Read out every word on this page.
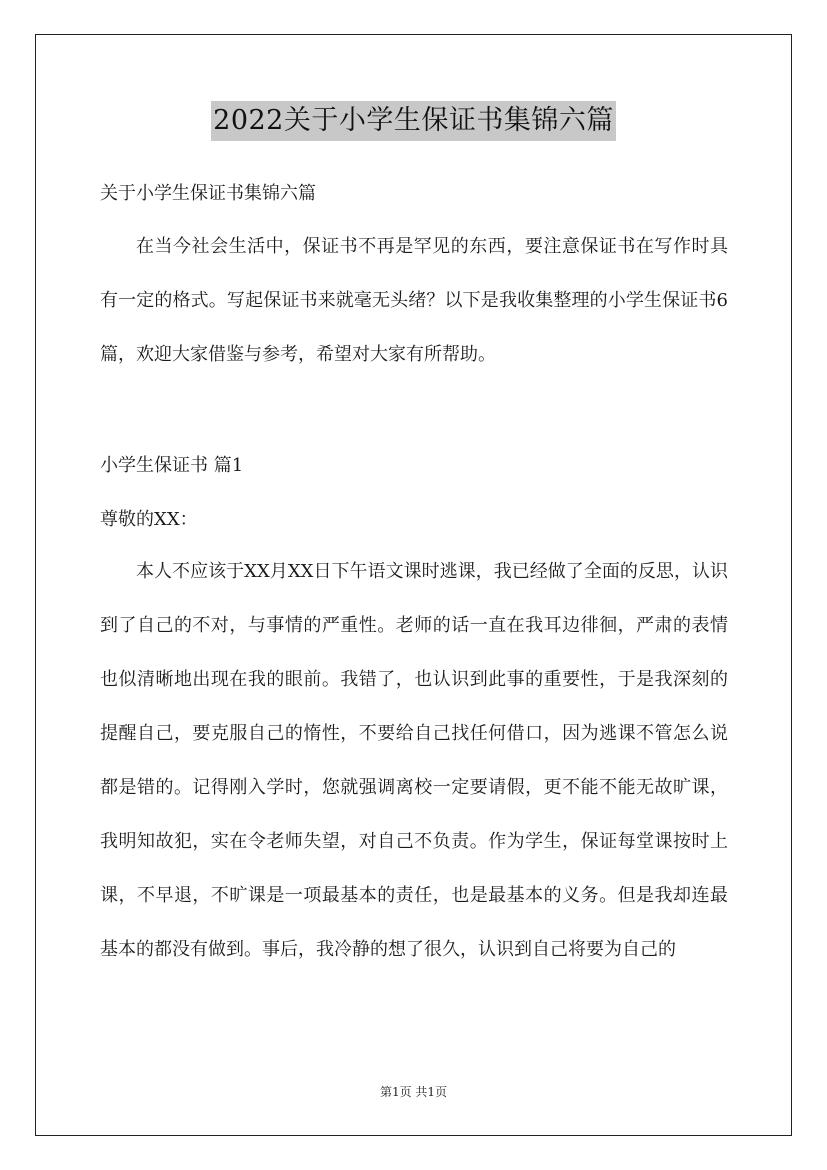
2022关于小学生保证书集锦六篇
关于小学生保证书集锦六篇

在当今社会生活中，保证书不再是罕见的东西，要注意保证书在写作时具有一定的格式。写起保证书来就毫无头绪？以下是我收集整理的小学生保证书6篇，欢迎大家借鉴与参考，希望对大家有所帮助。

小学生保证书 篇1
尊敬的XX：

本人不应该于XX月XX日下午语文课时逃课，我已经做了全面的反思，认识到了自己的不对，与事情的严重性。老师的话一直在我耳边徘徊，严肃的表情也似清晰地出现在我的眼前。我错了，也认识到此事的重要性，于是我深刻的提醒自己，要克服自己的惰性，不要给自己找任何借口，因为逃课不管怎么说都是错的。记得刚入学时，您就强调离校一定要请假，更不能不能无故旷课，我明知故犯，实在令老师失望，对自己不负责。作为学生，保证每堂课按时上课，不早退，不旷课是一项最基本的责任，也是最基本的义务。但是我却连最基本的都没有做到。事后，我冷静的想了很久，认识到自己将要为自己的

第1页 共1页
